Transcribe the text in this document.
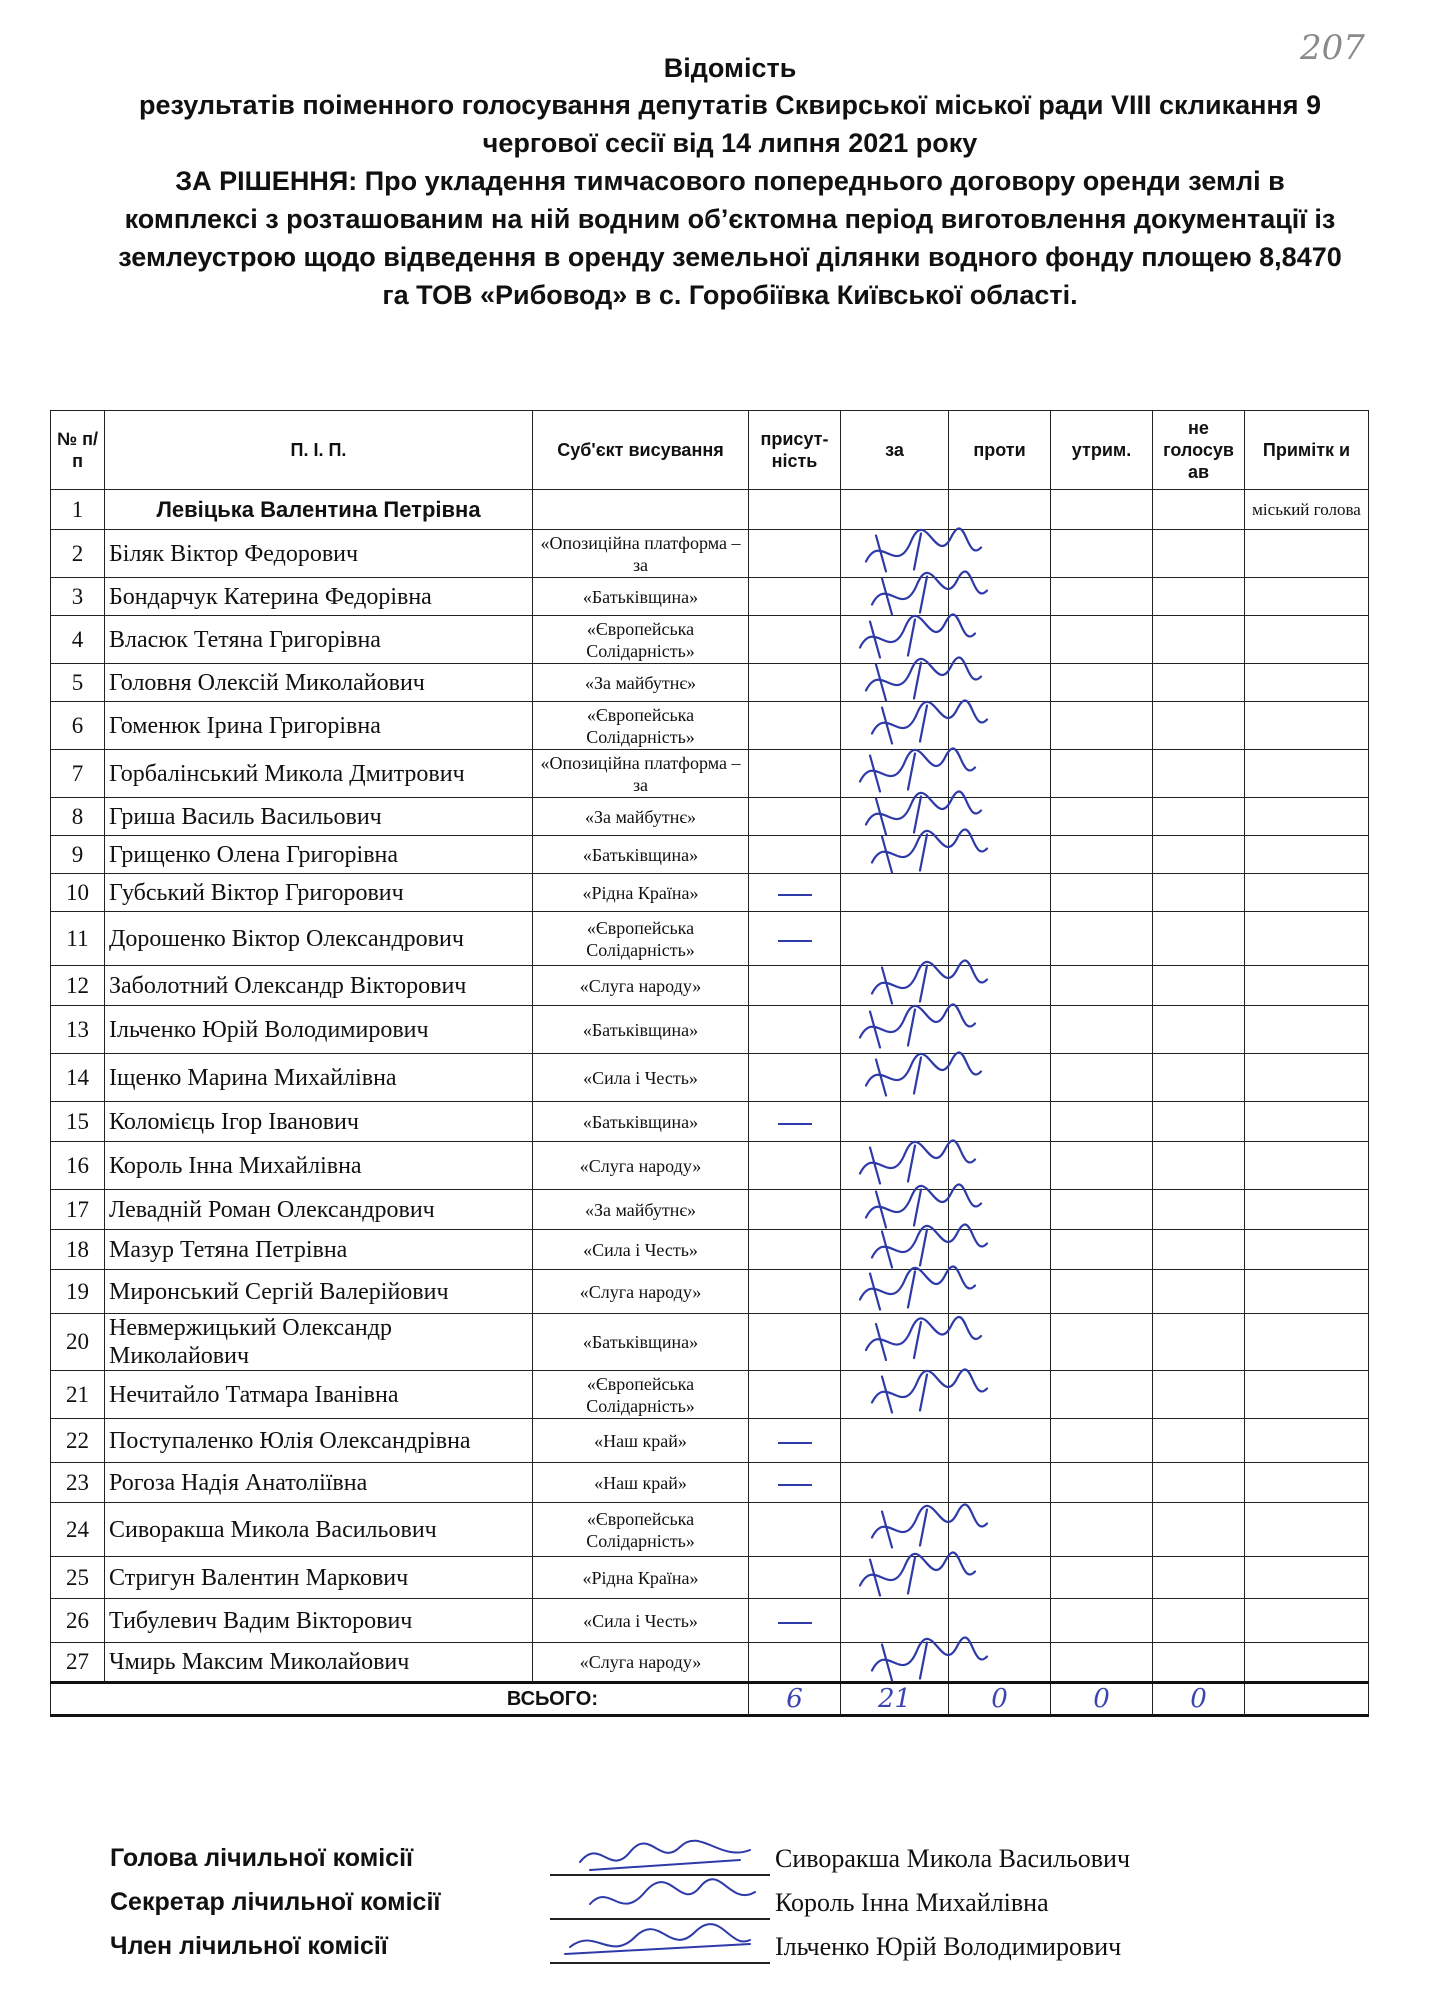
207
Відомість
результатів поіменного голосування депутатів Сквирської міської ради VIII скликання 9
чергової сесії від 14 липня 2021 року
ЗА РІШЕННЯ: Про укладення тимчасового попереднього договору оренди землі в
комплексі з розташованим на ній водним об’єктомна період виготовлення документації із
землеустрою щодо відведення в оренду земельної ділянки водного фонду площею 8,8470
га ТОВ «Рибовод» в с. Горобіївка Київської області.
№ п/п	П. І. П.	Суб'єкт висування	присут-ність	за	проти	утрим.	не голосув ав	Примітк и
1	Левіцька Валентина Петрівна							міський голова
2	Біляк Віктор Федорович	«Опозиційна платформа – за						
3	Бондарчук Катерина Федорівна	«Батьківщина»						
4	Власюк Тетяна Григорівна	«Європейська Солідарність»						
5	Головня Олексій Миколайович	«За майбутнє»						
6	Гоменюк Ірина Григорівна	«Європейська Солідарність»						
7	Горбалінський Микола Дмитрович	«Опозиційна платформа – за						
8	Гриша Василь Васильович	«За майбутнє»						
9	Грищенко Олена Григорівна	«Батьківщина»						
10	Губський Віктор Григорович	«Рідна Країна»						
11	Дорошенко Віктор Олександрович	«Європейська Солідарність»						
12	Заболотний Олександр Вікторович	«Слуга народу»						
13	Ільченко Юрій Володимирович	«Батьківщина»						
14	Іщенко Марина Михайлівна	«Сила і Честь»						
15	Коломієць Ігор Іванович	«Батьківщина»						
16	Король Інна Михайлівна	«Слуга народу»						
17	Левадній Роман Олександрович	«За майбутнє»						
18	Мазур Тетяна Петрівна	«Сила і Честь»						
19	Миронський Сергій Валерійович	«Слуга народу»						
20	Невмержицький Олександр Миколайович	«Батьківщина»						
21	Нечитайло Татмара Іванівна	«Європейська Солідарність»						
22	Поступаленко Юлія Олександрівна	«Наш край»						
23	Рогоза Надія Анатоліївна	«Наш край»						
24	Сиворакша Микола Васильович	«Європейська Солідарність»						
25	Стригун Валентин Маркович	«Рідна Країна»						
26	Тибулевич Вадим Вікторович	«Сила і Честь»						
27	Чмирь Максим Миколайович	«Слуга народу»						
ВСЬОГО:			6	21	0	0	0	
Голова лічильної комісії	Сиворакша Микола Васильович
Секретар лічильної комісії	Король Інна Михайлівна
Член лічильної комісії	Ільченко Юрій Володимирович
